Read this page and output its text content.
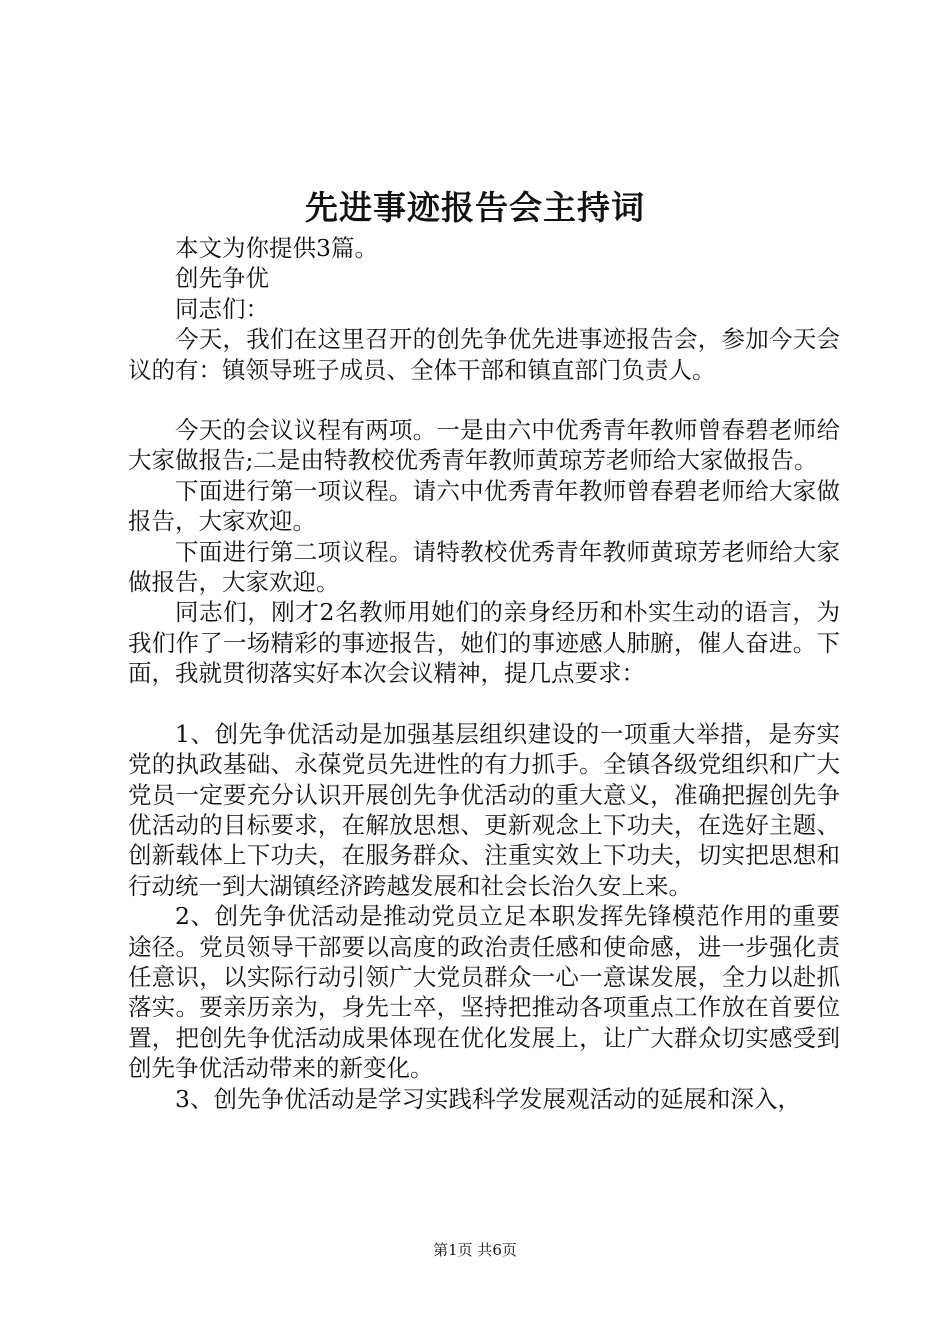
先进事迹报告会主持词

本文为你提供3篇。

创先争优

同志们：

今天，我们在这里召开的创先争优先进事迹报告会，参加今天会议的有：镇领导班子成员、全体干部和镇直部门负责人。

今天的会议议程有两项。一是由六中优秀青年教师曾春碧老师给大家做报告;二是由特教校优秀青年教师黄琼芳老师给大家做报告。

下面进行第一项议程。请六中优秀青年教师曾春碧老师给大家做报告，大家欢迎。

下面进行第二项议程。请特教校优秀青年教师黄琼芳老师给大家做报告，大家欢迎。

同志们，刚才2名教师用她们的亲身经历和朴实生动的语言，为我们作了一场精彩的事迹报告，她们的事迹感人肺腑，催人奋进。下面，我就贯彻落实好本次会议精神，提几点要求：

1、创先争优活动是加强基层组织建设的一项重大举措，是夯实党的执政基础、永葆党员先进性的有力抓手。全镇各级党组织和广大党员一定要充分认识开展创先争优活动的重大意义，准确把握创先争优活动的目标要求，在解放思想、更新观念上下功夫，在选好主题、创新载体上下功夫，在服务群众、注重实效上下功夫，切实把思想和行动统一到大湖镇经济跨越发展和社会长治久安上来。

2、创先争优活动是推动党员立足本职发挥先锋模范作用的重要途径。党员领导干部要以高度的政治责任感和使命感，进一步强化责任意识，以实际行动引领广大党员群众一心一意谋发展，全力以赴抓落实。要亲历亲为，身先士卒，坚持把推动各项重点工作放在首要位置，把创先争优活动成果体现在优化发展上，让广大群众切实感受到创先争优活动带来的新变化。

3、创先争优活动是学习实践科学发展观活动的延展和深入，

第1页 共6页
